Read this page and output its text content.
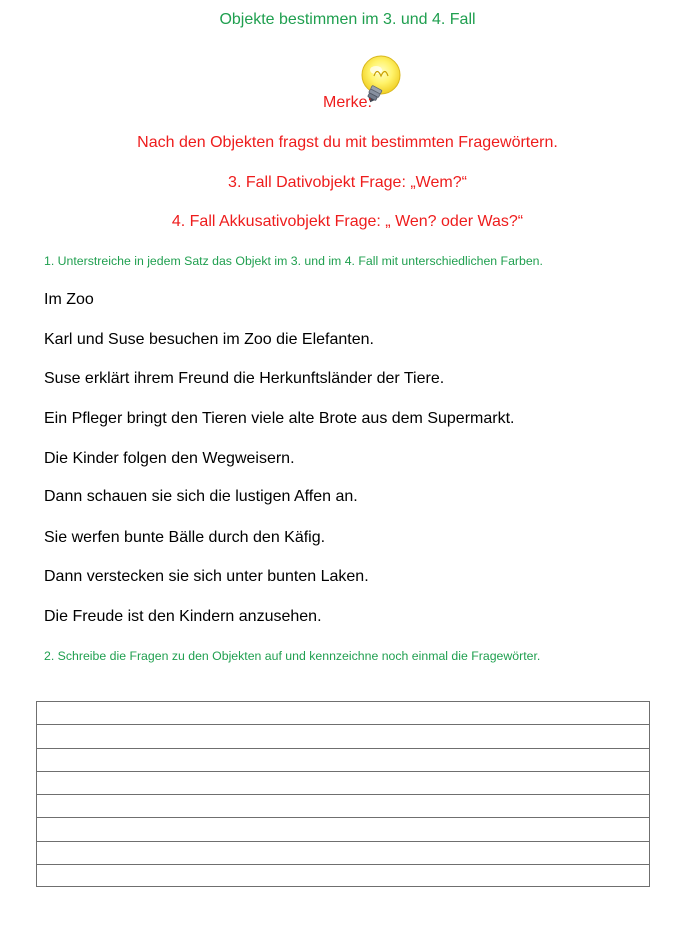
Objekte bestimmen im 3. und 4. Fall
Merke:
Nach den Objekten fragst du mit bestimmten Fragewörtern.
3. Fall Dativobjekt Frage: „Wem?“
4. Fall Akkusativobjekt Frage: „ Wen? oder Was?“
1. Unterstreiche in jedem Satz das Objekt im 3. und im 4. Fall mit unterschiedlichen Farben.
Im Zoo
Karl und Suse besuchen im Zoo die Elefanten.
Suse erklärt ihrem Freund die Herkunftsländer der Tiere.
Ein Pfleger bringt den Tieren viele alte Brote aus dem Supermarkt.
Die Kinder folgen den Wegweisern.
Dann schauen sie sich die lustigen Affen an.
Sie werfen bunte Bälle durch den Käfig.
Dann verstecken sie sich unter bunten Laken.
Die Freude ist den Kindern anzusehen.
2. Schreibe die Fragen zu den Objekten auf und kennzeichne noch einmal die Fragewörter.
